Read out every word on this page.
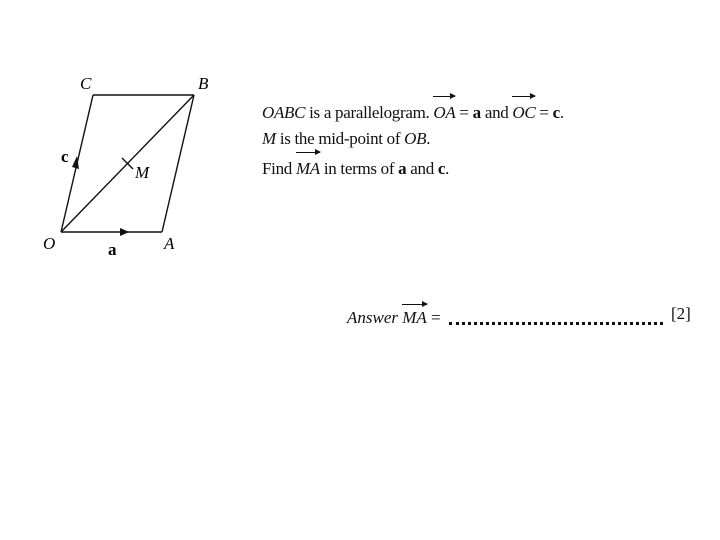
C	B
O	A
M
a
c
OABC is a parallelogram.
OA = a and
OC = c.
M is the mid-point of OB.
Find
MA in terms of a and c.
Answer
MA =	[2]
